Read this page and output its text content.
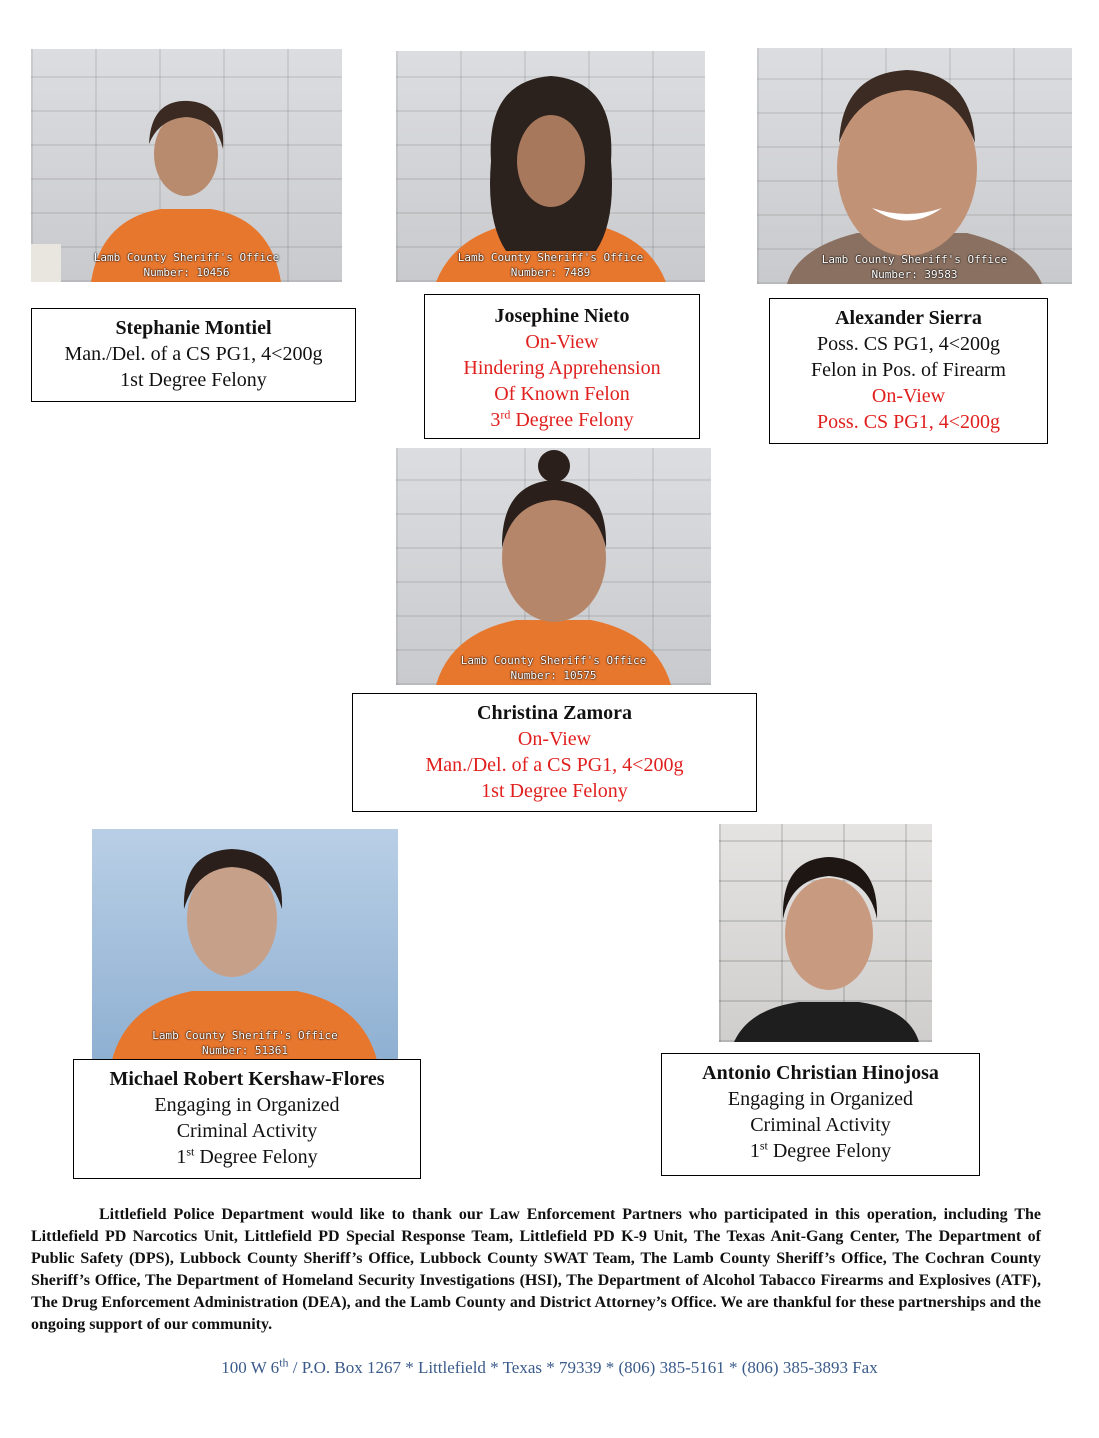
Lamb County Sheriff's Office
Number: 10456
Lamb County Sheriff's Office
Number: 7489
Lamb County Sheriff's Office
Number: 39583
Lamb County Sheriff's Office
Number: 10575
Lamb County Sheriff's Office
Number: 51361
Stephanie Montiel
Man./Del. of a CS PG1, 4<200g
1st Degree Felony
Josephine Nieto
On-View
Hindering Apprehension
Of Known Felon
3rd Degree Felony
Alexander Sierra
Poss. CS PG1, 4<200g
Felon in Pos. of Firearm
On-View
Poss. CS PG1, 4<200g
Christina Zamora
On-View
Man./Del. of a CS PG1, 4<200g
1st Degree Felony
Michael Robert Kershaw-Flores
Engaging in Organized
Criminal Activity
1st Degree Felony
Antonio Christian Hinojosa
Engaging in Organized
Criminal Activity
1st Degree Felony
Littlefield Police Department would like to thank our Law Enforcement Partners who participated in this operation, including The Littlefield PD Narcotics Unit, Littlefield PD Special Response Team, Littlefield PD K-9 Unit, The Texas Anit-Gang Center, The Department of Public Safety (DPS), Lubbock County Sheriff’s Office, Lubbock County SWAT Team, The Lamb County Sheriff’s Office, The Cochran County Sheriff’s Office, The Department of Homeland Security Investigations (HSI), The Department of Alcohol Tabacco Firearms and Explosives (ATF), The Drug Enforcement Administration (DEA), and the Lamb County and District Attorney’s Office. We are thankful for these partnerships and the ongoing support of our community.
100 W 6th / P.O. Box 1267 * Littlefield * Texas * 79339 * (806) 385-5161 * (806) 385-3893 Fax
